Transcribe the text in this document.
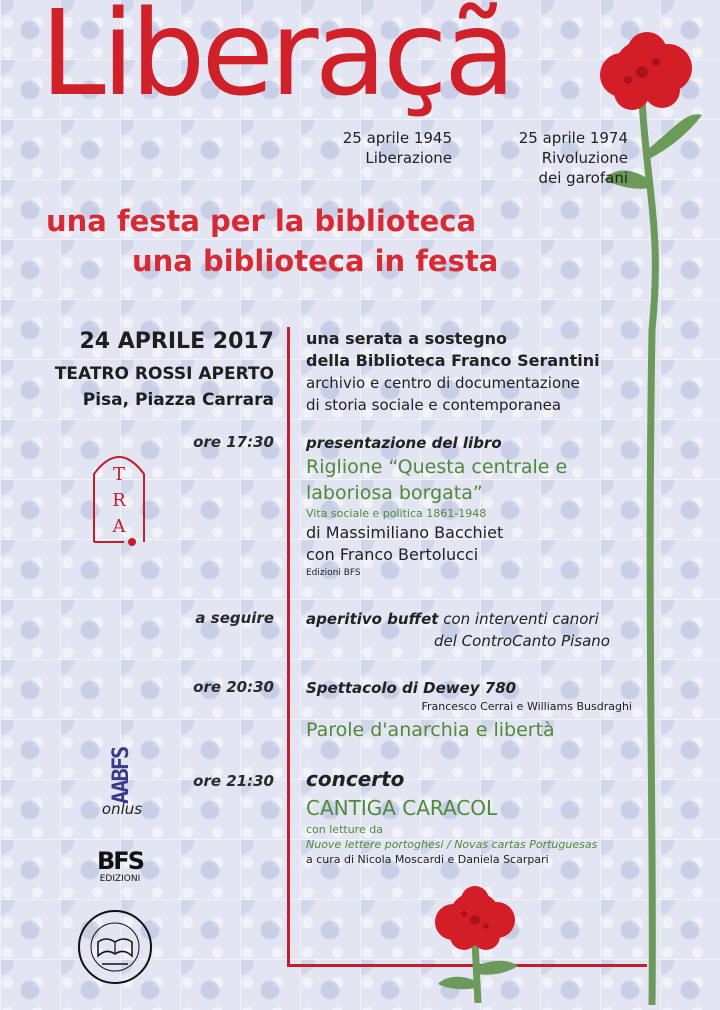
Liberaçã
25 aprile 1945
Liberazione
25 aprile 1974
Rivoluzione
dei garofani
una festa per la biblioteca
una biblioteca in festa
24 APRILE 2017
TEATRO ROSSI APERTO
Pisa, Piazza Carrara
una serata a sostegno
della Biblioteca Franco Serantini
archivio e centro di documentazione
di storia sociale e contemporanea
ore 17:30 presentazione del libro
Riglione “Questa centrale e
laboriosa borgata”
Vita sociale e politica 1861-1948
di Massimiliano Bacchiet
con Franco Bertolucci
Edizioni BFS
T
R
A
a seguire aperitivo buffet con interventi canori
del ControCanto Pisano
ore 20:30 Spettacolo di Dewey 780
Francesco Cerrai e Williams Busdraghi
Parole d'anarchia e libertà
AABFS
onlus
ore 21:30 concerto
CANTIGA CARACOL
con letture da
Nuove lettere portoghesi / Novas cartas Portuguesas
a cura di Nicola Moscardi e Daniela Scarpari
BFS
EDIZIONI
